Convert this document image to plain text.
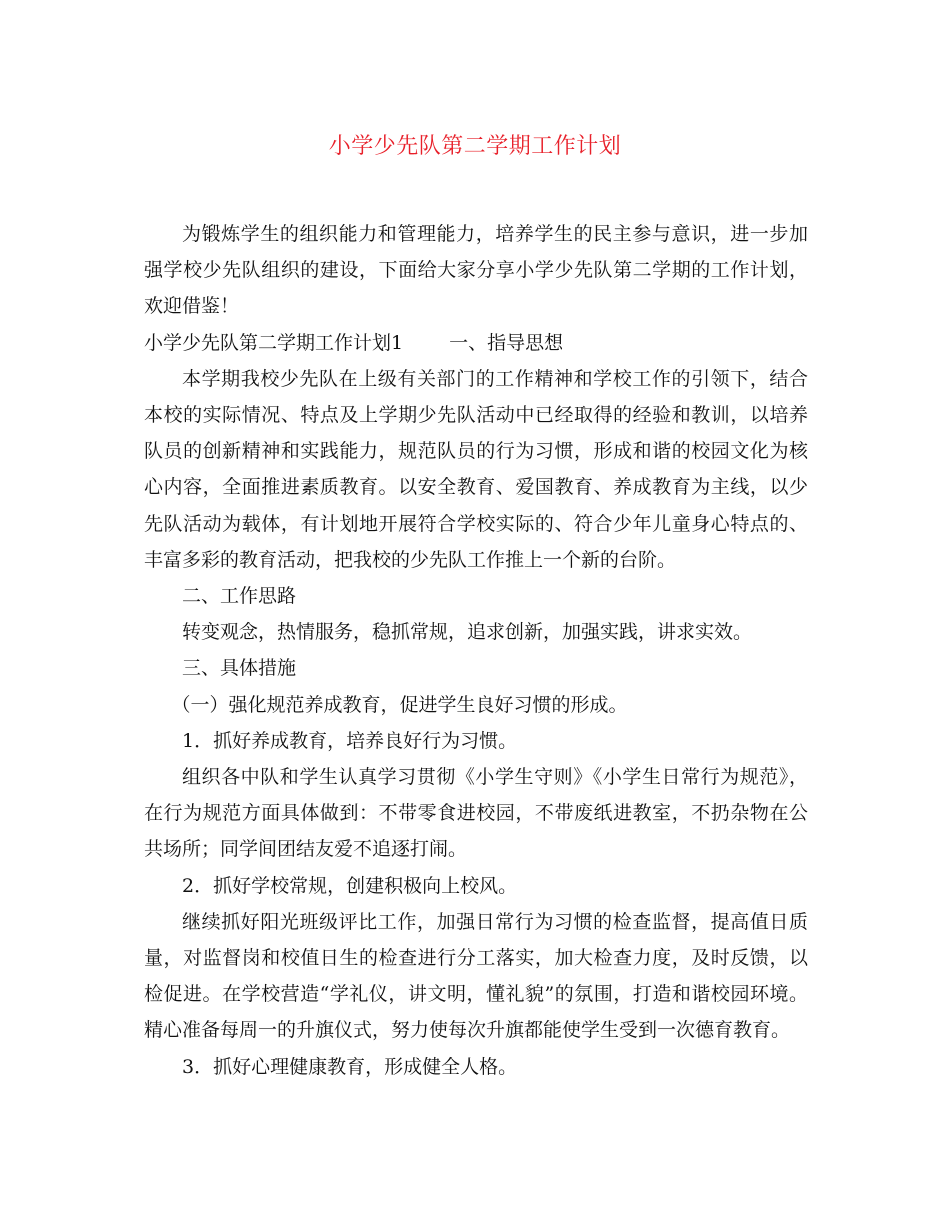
小学少先队第二学期工作计划

为锻炼学生的组织能力和管理能力，培养学生的民主参与意识，进一步加强学校少先队组织的建设，下面给大家分享小学少先队第二学期的工作计划，欢迎借鉴！

小学少先队第二学期工作计划1 一、指导思想

本学期我校少先队在上级有关部门的工作精神和学校工作的引领下，结合本校的实际情况、特点及上学期少先队活动中已经取得的经验和教训，以培养队员的创新精神和实践能力，规范队员的行为习惯，形成和谐的校园文化为核心内容，全面推进素质教育。以安全教育、爱国教育、养成教育为主线，以少先队活动为载体，有计划地开展符合学校实际的、符合少年儿童身心特点的、丰富多彩的教育活动，把我校的少先队工作推上一个新的台阶。

二、工作思路

转变观念，热情服务，稳抓常规，追求创新，加强实践，讲求实效。

三、具体措施

（一）强化规范养成教育，促进学生良好习惯的形成。

1．抓好养成教育，培养良好行为习惯。

组织各中队和学生认真学习贯彻《小学生守则》《小学生日常行为规范》，在行为规范方面具体做到：不带零食进校园，不带废纸进教室，不扔杂物在公共场所；同学间团结友爱不追逐打闹。

2．抓好学校常规，创建积极向上校风。

继续抓好阳光班级评比工作，加强日常行为习惯的检查监督，提高值日质量，对监督岗和校值日生的检查进行分工落实，加大检查力度，及时反馈，以检促进。在学校营造“学礼仪，讲文明，懂礼貌”的氛围，打造和谐校园环境。精心准备每周一的升旗仪式，努力使每次升旗都能使学生受到一次德育教育。

3．抓好心理健康教育，形成健全人格。
